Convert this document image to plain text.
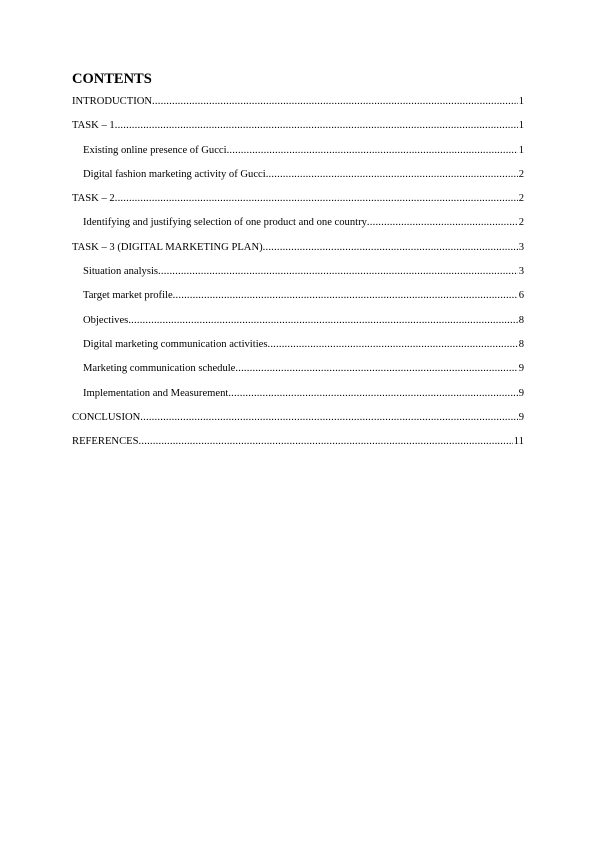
CONTENTS
INTRODUCTION .....	1
TASK – 1 .....	1
Existing online presence of Gucci .....	1
Digital fashion marketing activity of Gucci .....	2
TASK – 2 .....	2
Identifying and justifying selection of one product and one country .....	2
TASK – 3 (DIGITAL MARKETING PLAN) .....	3
Situation analysis .....	3
Target market profile .....	6
Objectives .....	8
Digital marketing communication activities .....	8
Marketing communication schedule .....	9
Implementation and Measurement .....	9
CONCLUSION .....	9
REFERENCES .....	11
